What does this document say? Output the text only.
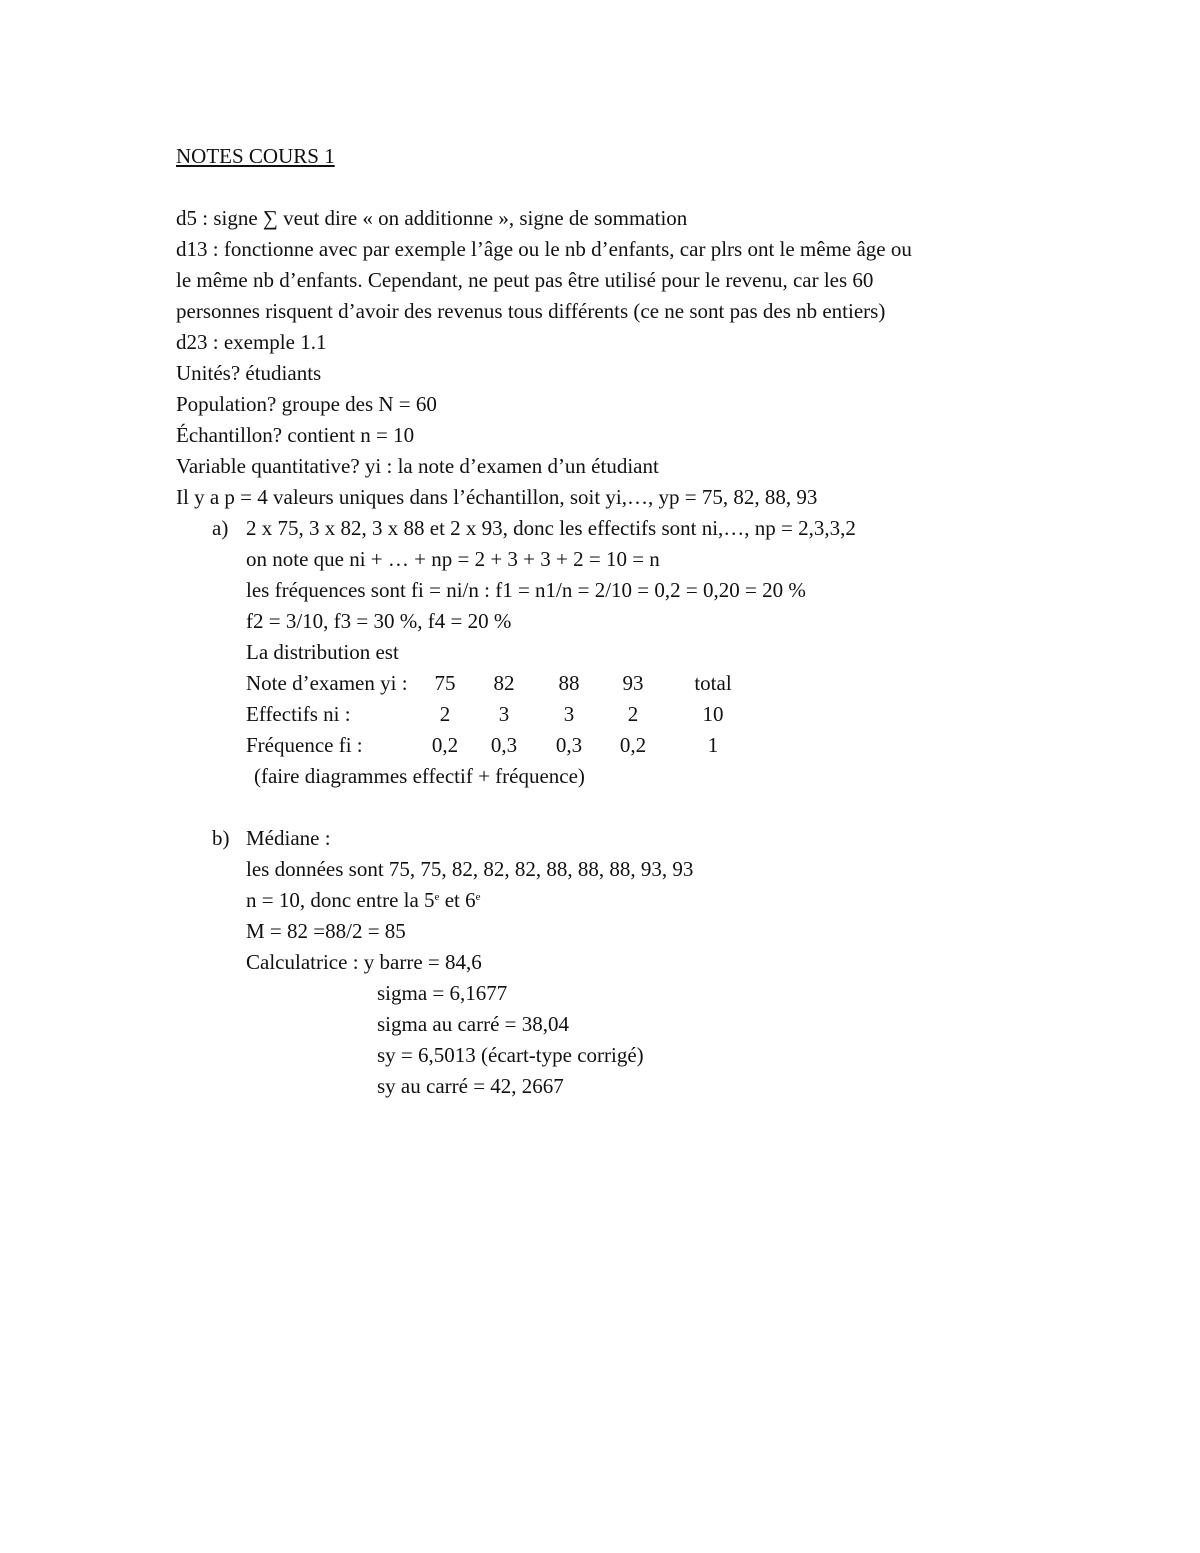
NOTES COURS 1
d5 : signe ∑ veut dire « on additionne », signe de sommation
d13 : fonctionne avec par exemple l’âge ou le nb d’enfants, car plrs ont le même âge ou
le même nb d’enfants. Cependant, ne peut pas être utilisé pour le revenu, car les 60
personnes risquent d’avoir des revenus tous différents (ce ne sont pas des nb entiers)
d23 : exemple 1.1
Unités? étudiants
Population? groupe des N = 60
Échantillon? contient n = 10
Variable quantitative? yi : la note d’examen d’un étudiant
Il y a p = 4 valeurs uniques dans l’échantillon, soit yi,…, yp = 75, 82, 88, 93
a) 2 x 75, 3 x 82, 3 x 88 et 2 x 93, donc les effectifs sont ni,…, np = 2,3,3,2
on note que ni + … + np = 2 + 3 + 3 + 2 = 10 = n
les fréquences sont fi = ni/n : f1 = n1/n = 2/10 = 0,2 = 0,20 = 20 %
f2 = 3/10, f3 = 30 %, f4 = 20 %
La distribution est
Note d’examen yi : 75 82 88 93 total
Effectifs ni :	2 3	3	2	10
Fréquence fi :	0,2 0,3 0,3 0,2	1
(faire diagrammes effectif + fréquence)
b) Médiane :
les données sont 75, 75, 82, 82, 82, 88, 88, 88, 93, 93
n = 10, donc entre la 5e et 6e
M = 82 =88/2 = 85
Calculatrice : y barre = 84,6
sigma = 6,1677
sigma au carré = 38,04
sy = 6,5013 (écart-type corrigé)
sy au carré = 42, 2667
